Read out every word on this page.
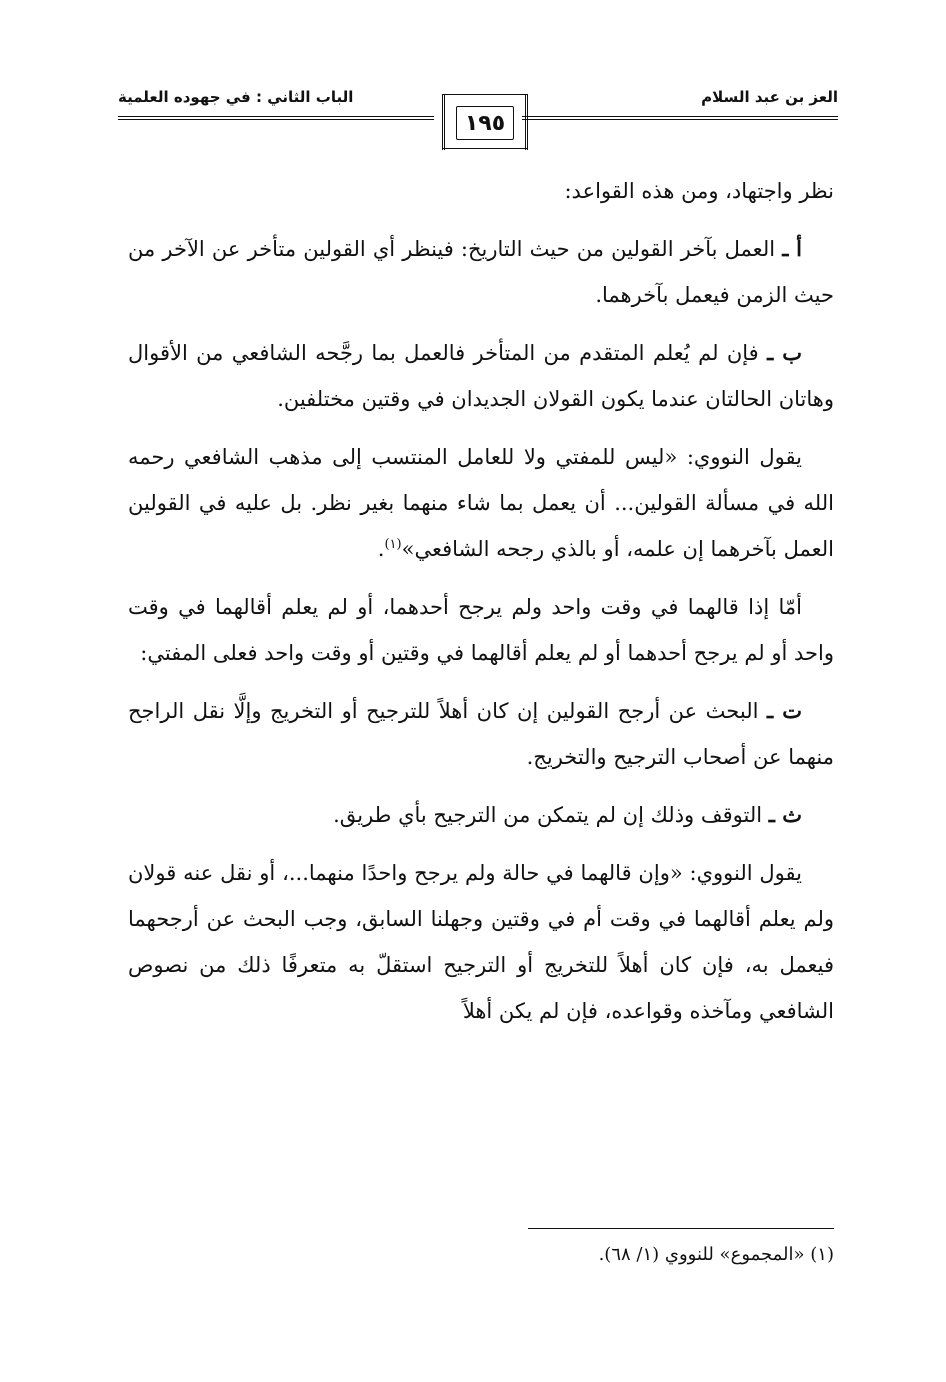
العز بن عبد السلام
الباب الثاني : في جهوده العلمية
١٩٥

نظر واجتهاد، ومن هذه القواعد:

أ ـ العمل بآخر القولين من حيث التاريخ: فينظر أي القولين متأخر عن الآخر من حيث الزمن فيعمل بآخرهما.

ب ـ فإن لم يُعلم المتقدم من المتأخر فالعمل بما رجَّحه الشافعي من الأقوال وهاتان الحالتان عندما يكون القولان الجديدان في وقتين مختلفين.

يقول النووي: «ليس للمفتي ولا للعامل المنتسب إلى مذهب الشافعي رحمه الله في مسألة القولين... أن يعمل بما شاء منهما بغير نظر. بل عليه في القولين العمل بآخرهما إن علمه، أو بالذي رجحه الشافعي»$^{(١)}$.

أمّا إذا قالهما في وقت واحد ولم يرجح أحدهما، أو لم يعلم أقالهما في وقت واحد أو لم يرجح أحدهما أو لم يعلم أقالهما في وقتين أو وقت واحد فعلى المفتي:

ت ـ البحث عن أرجح القولين إن كان أهلاً للترجيح أو التخريج وإلَّا نقل الراجح منهما عن أصحاب الترجيح والتخريج.

ث ـ التوقف وذلك إن لم يتمكن من الترجيح بأي طريق.

يقول النووي: «وإن قالهما في حالة ولم يرجح واحدًا منهما...، أو نقل عنه قولان ولم يعلم أقالهما في وقت أم في وقتين وجهلنا السابق، وجب البحث عن أرجحهما فيعمل به، فإن كان أهلاً للتخريج أو الترجيح استقلّ به متعرفًا ذلك من نصوص الشافعي ومآخذه وقواعده، فإن لم يكن أهلاً

(١) «المجموع» للنووي (١/ ٦٨).
